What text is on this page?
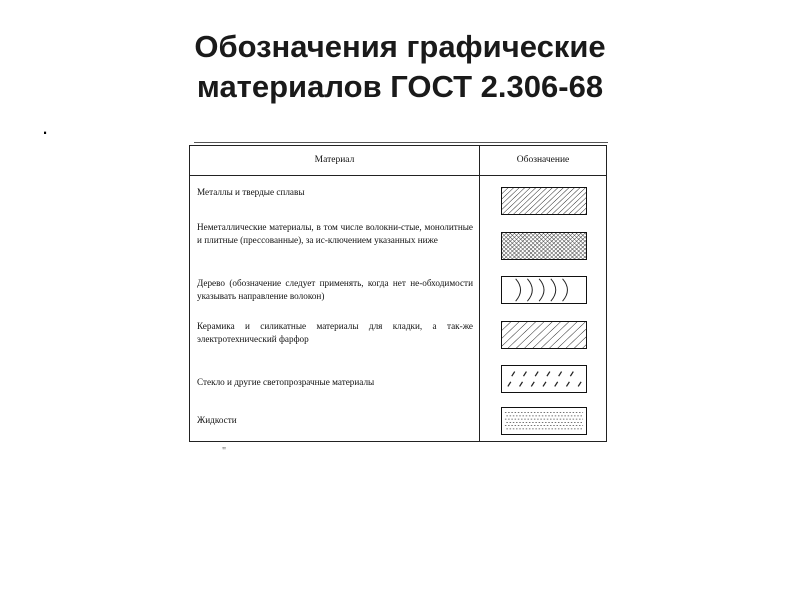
Обозначения графические
материалов ГОСТ 2.306-68
.
Материал	Обозначение
Металлы и твердые сплавы
Неметаллические материалы, в том числе волокни-стые, монолитные и плитные (прессованные), за ис-ключением указанных ниже
Дерево (обозначение следует применять, когда нет не-обходимости указывать направление волокон)
Керамика и силикатные материалы для кладки, а так-же электротехнический фарфор
Стекло и другие светопрозрачные материалы
Жидкости
"
